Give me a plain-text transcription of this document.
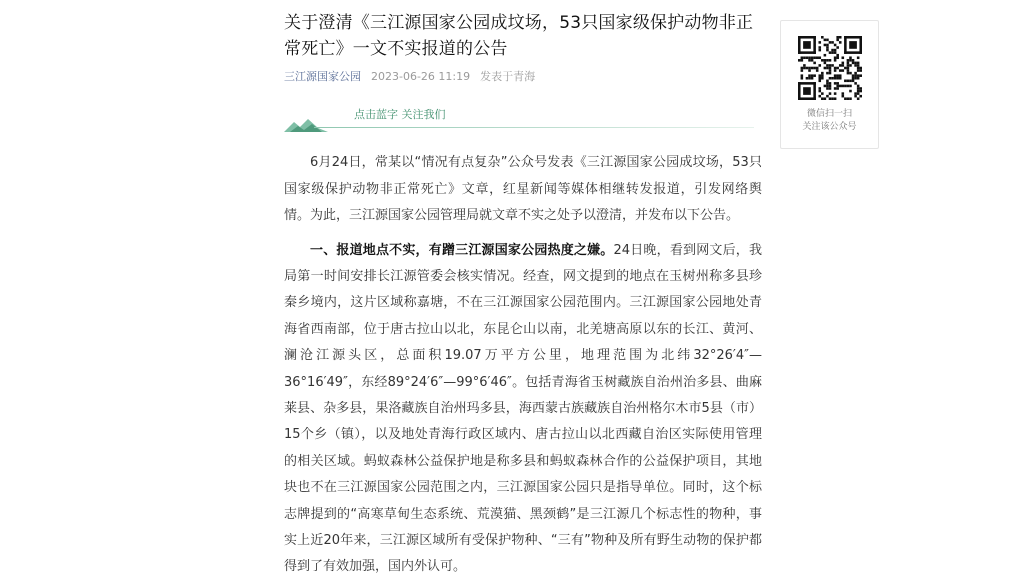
关于澄清《三江源国家公园成坟场，53只国家级保护动物非正常死亡》一文不实报道的公告
三江源国家公园 2023-06-26 11:19 发表于青海
点击蓝字 关注我们

6月24日，常某以“情况有点复杂”公众号发表《三江源国家公园成坟场，53只国家级保护动物非正常死亡》文章，红星新闻等媒体相继转发报道，引发网络舆情。为此，三江源国家公园管理局就文章不实之处予以澄清，并发布以下公告。

一、报道地点不实，有蹭三江源国家公园热度之嫌。24日晚，看到网文后，我局第一时间安排长江源管委会核实情况。经查，网文提到的地点在玉树州称多县珍秦乡境内，这片区域称嘉塘，不在三江源国家公园范围内。三江源国家公园地处青海省西南部，位于唐古拉山以北，东昆仑山以南，北羌塘高原以东的长江、黄河、澜沧江源头区，总面积19.07万平方公里，地理范围为北纬32°26′4″—36°16′49″，东经89°24′6″—99°6′46″。包括青海省玉树藏族自治州治多县、曲麻莱县、杂多县，果洛藏族自治州玛多县，海西蒙古族藏族自治州格尔木市5县（市）15个乡（镇），以及地处青海行政区域内、唐古拉山以北西藏自治区实际使用管理的相关区域。蚂蚁森林公益保护地是称多县和蚂蚁森林合作的公益保护项目，其地块也不在三江源国家公园范围之内，三江源国家公园只是指导单位。同时，这个标志牌提到的“高寒草甸生态系统、荒漠猫、黑颈鹤”是三江源几个标志性的物种，事实上近20年来，三江源区域所有受保护物种、“三有”物种及所有野生动物的保护都得到了有效加强，国内外认可。

微信扫一扫
关注该公众号
